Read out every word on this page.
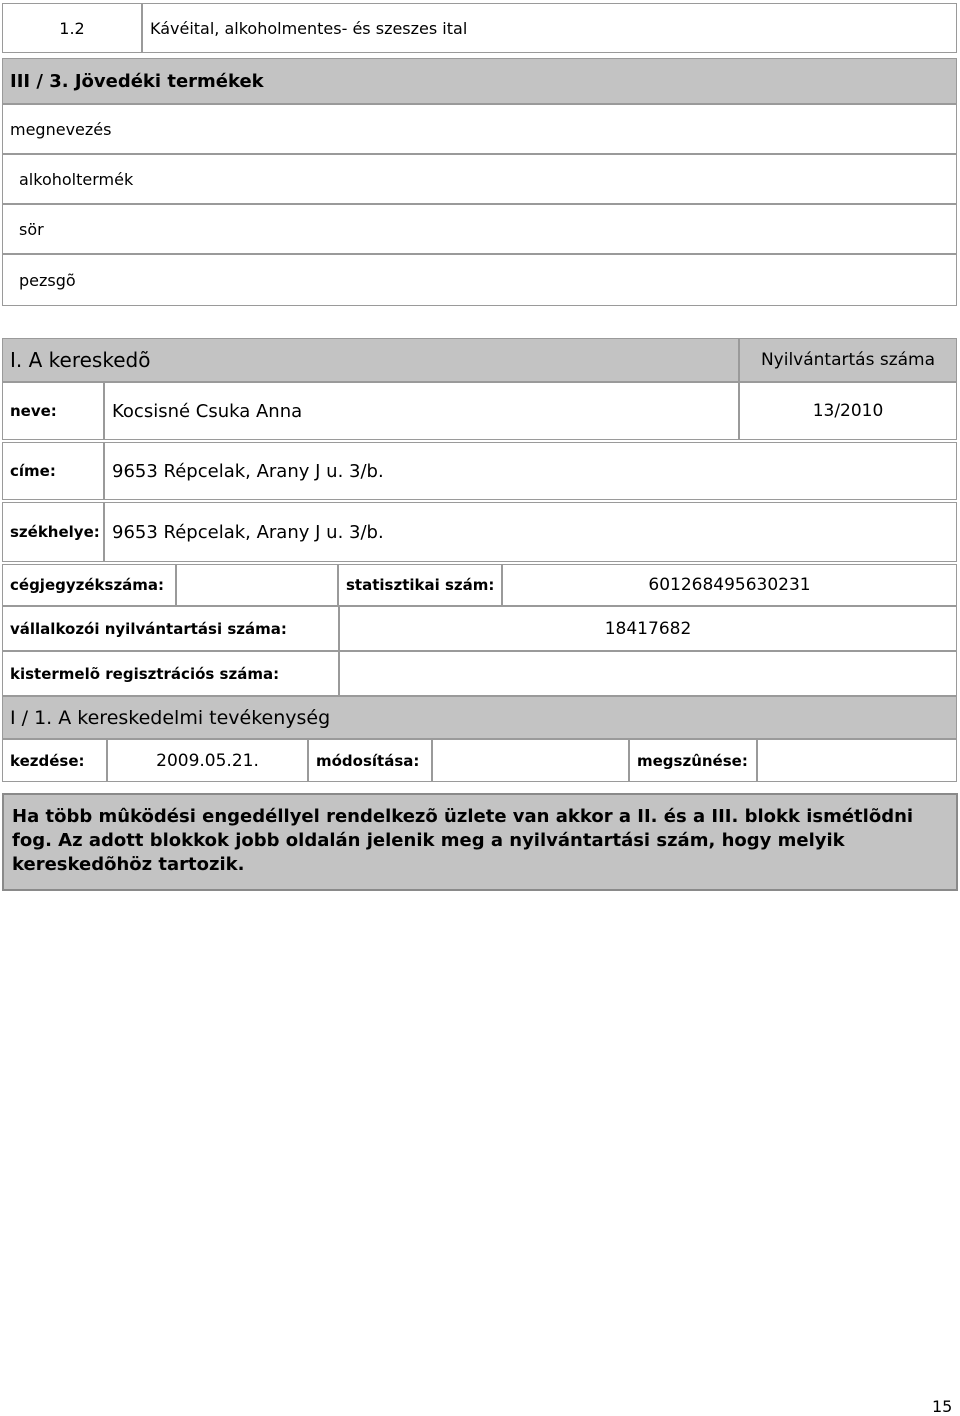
1.2	Kávéital, alkoholmentes- és szeszes ital
III / 3. Jövedéki termékek
megnevezés
alkoholtermék
sör
pezsgõ
I. A kereskedõ	Nyilvántartás száma
neve:	Kocsisné Csuka Anna	13/2010
címe:	9653 Répcelak, Arany J u. 3/b.
székhelye: 9653 Répcelak, Arany J u. 3/b.
cégjegyzékszáma:	statisztikai szám:	601268495630231
vállalkozói nyilvántartási száma:	18417682
kistermelõ regisztrációs száma:
I / 1. A kereskedelmi tevékenység
kezdése:	2009.05.21.	módosítása:	megszûnése:
Ha több mûködési engedéllyel rendelkezõ üzlete van akkor a II. és a III. blokk ismétlõdni fog. Az adott blokkok jobb oldalán jelenik meg a nyilvántartási szám, hogy melyik kereskedõhöz tartozik.
15
